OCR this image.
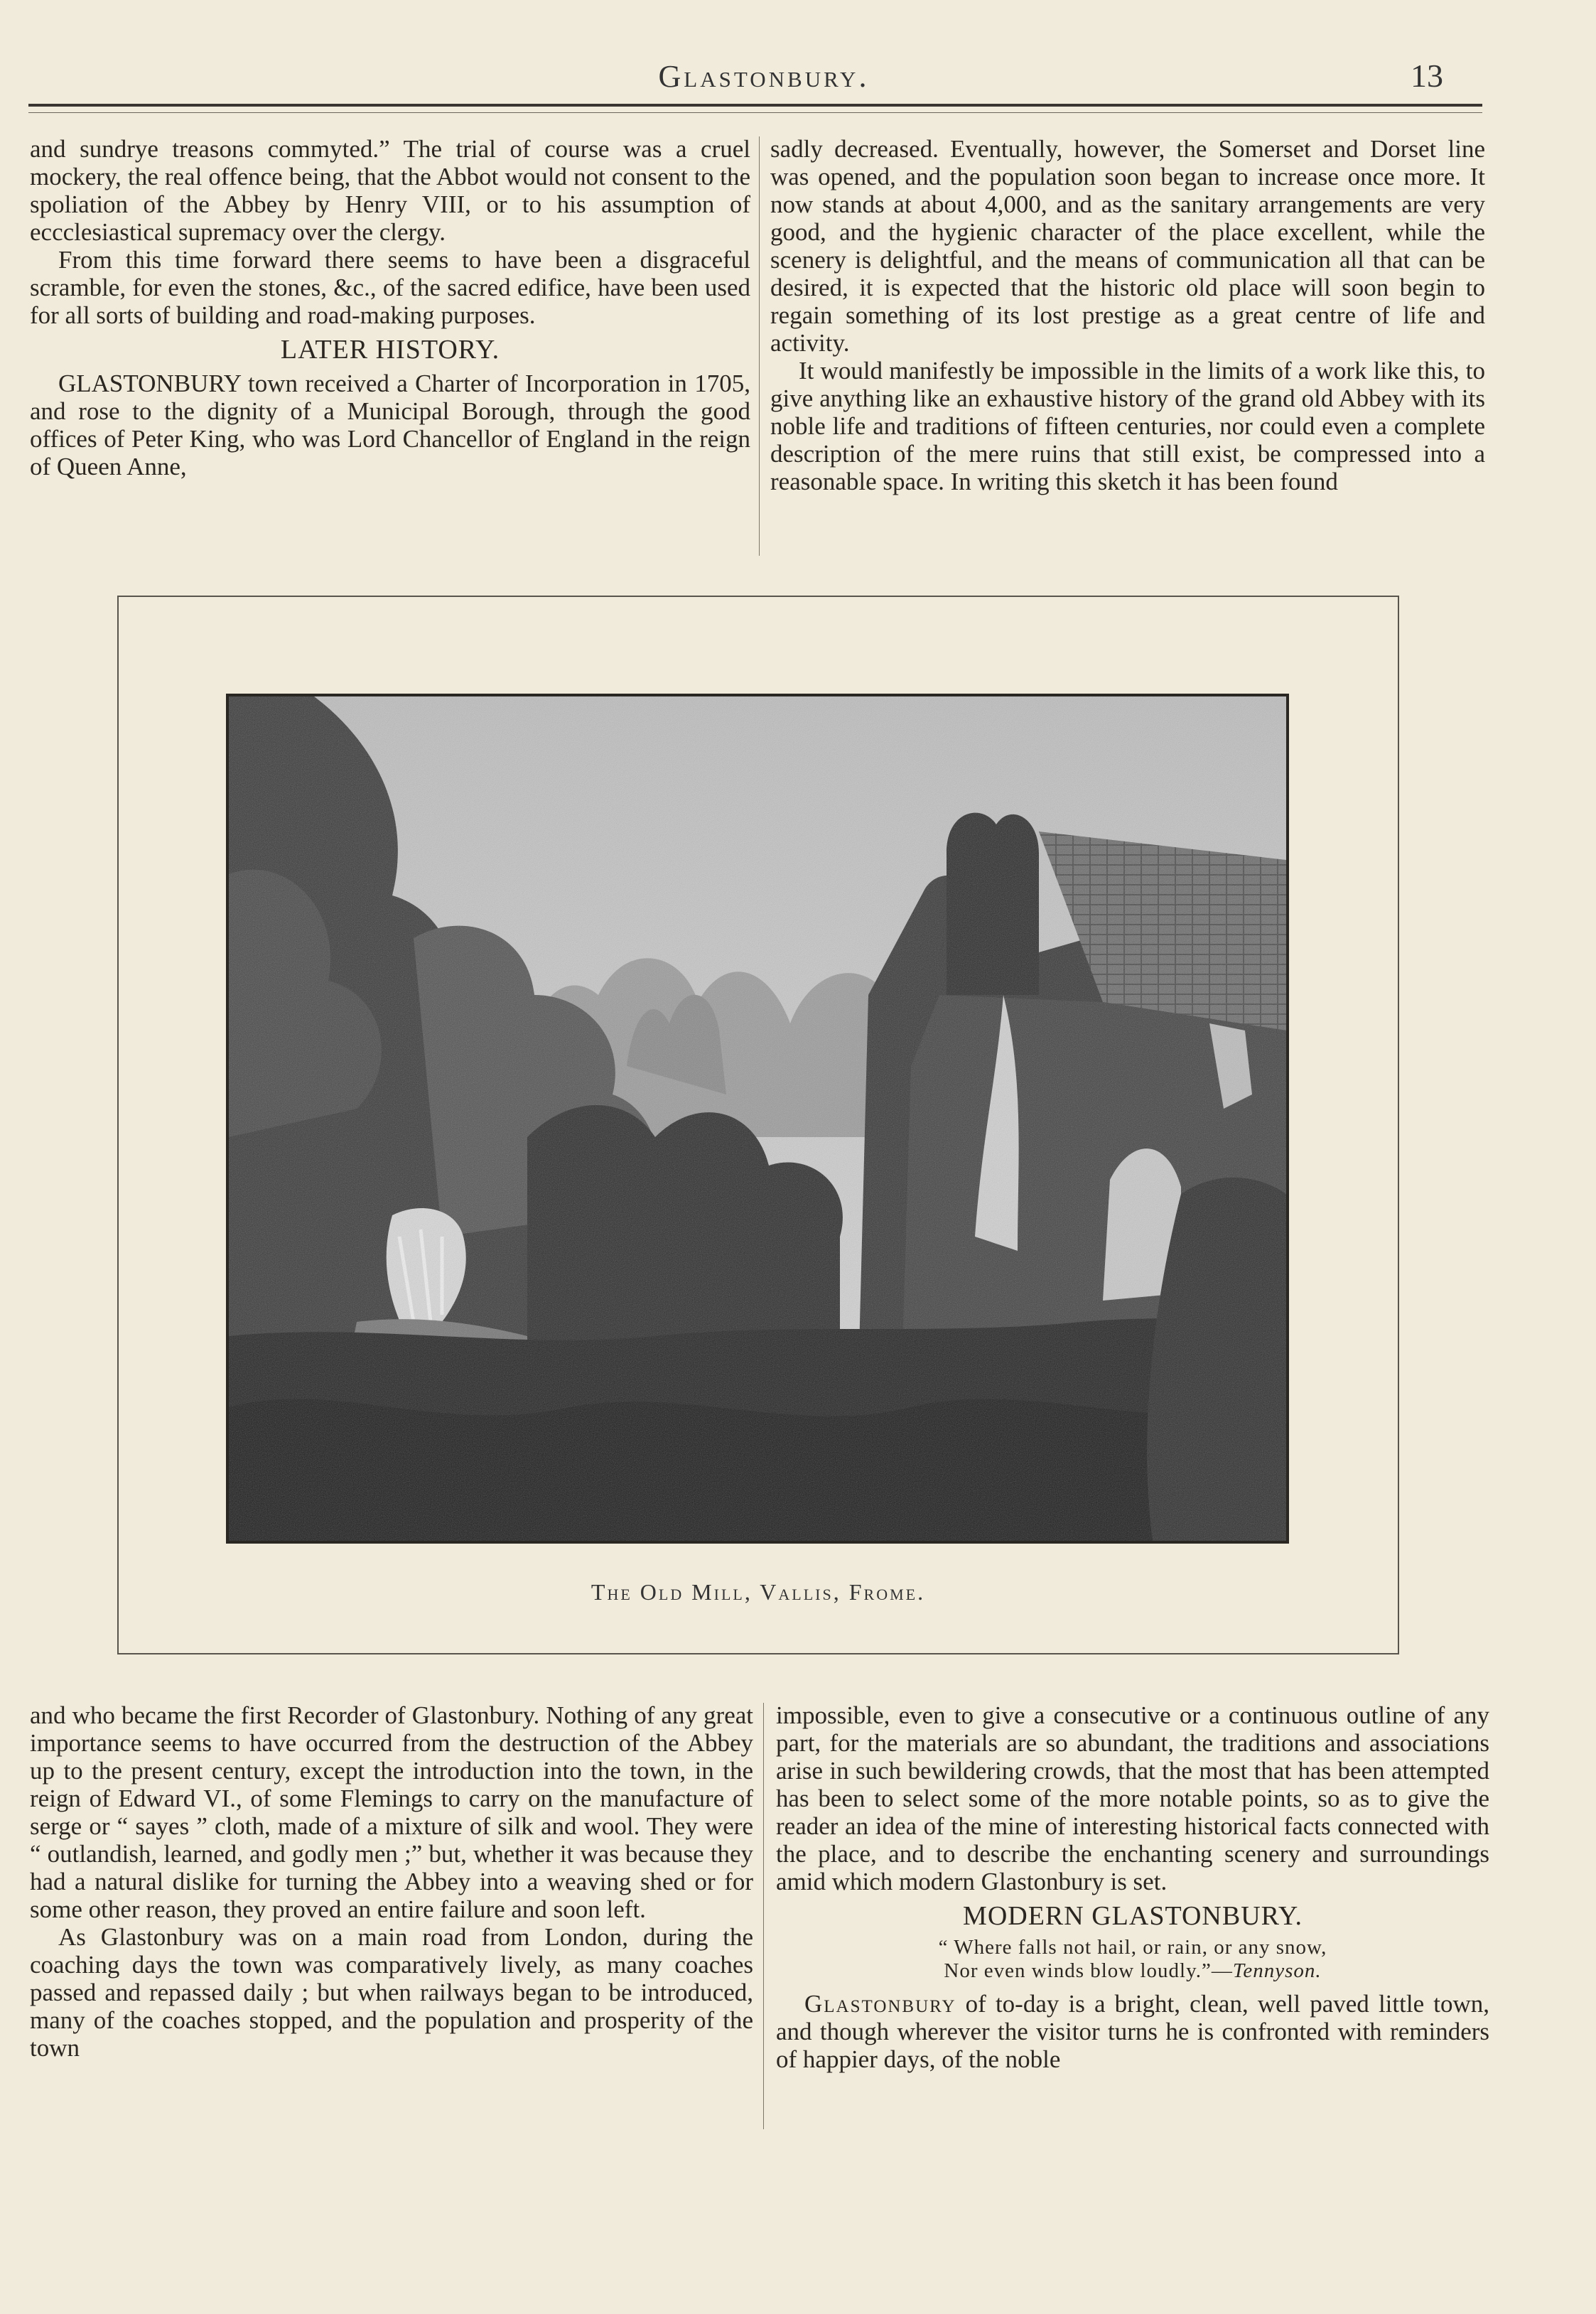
Glastonbury.	13

and sundrye treasons commyted.” The trial of course was a cruel mockery, the real offence being, that the Abbot would not consent to the spoliation of the Abbey by Henry VIII, or to his assumption of eccclesiastical supremacy over the clergy.

From this time forward there seems to have been a disgraceful scramble, for even the stones, &c., of the sacred edifice, have been used for all sorts of building and road-making purposes.

LATER HISTORY.

GLASTONBURY town received a Charter of Incorporation in 1705, and rose to the dignity of a Municipal Borough, through the good offices of Peter King, who was Lord Chancellor of England in the reign of Queen Anne,

sadly decreased. Eventually, however, the Somerset and Dorset line was opened, and the population soon began to increase once more. It now stands at about 4,000, and as the sanitary arrangements are very good, and the hygienic character of the place excellent, while the scenery is delightful, and the means of communication all that can be desired, it is expected that the historic old place will soon begin to regain something of its lost prestige as a great centre of life and activity.

It would manifestly be impossible in the limits of a work like this, to give anything like an exhaustive history of the grand old Abbey with its noble life and traditions of fifteen centuries, nor could even a complete description of the mere ruins that still exist, be compressed into a reasonable space. In writing this sketch it has been found

The Old Mill, Vallis, Frome.

and who became the first Recorder of Glastonbury. Nothing of any great importance seems to have occurred from the destruction of the Abbey up to the present century, except the introduction into the town, in the reign of Edward VI., of some Flemings to carry on the manufacture of serge or “ sayes ” cloth, made of a mixture of silk and wool. They were “ outlandish, learned, and godly men ;” but, whether it was because they had a natural dislike for turning the Abbey into a weaving shed or for some other reason, they proved an entire failure and soon left.

As Glastonbury was on a main road from London, during the coaching days the town was comparatively lively, as many coaches passed and repassed daily ; but when railways began to be introduced, many of the coaches stopped, and the population and prosperity of the town

impossible, even to give a consecutive or a continuous outline of any part, for the materials are so abundant, the traditions and associations arise in such bewildering crowds, that the most that has been attempted has been to select some of the more notable points, so as to give the reader an idea of the mine of interesting historical facts connected with the place, and to describe the enchanting scenery and surroundings amid which modern Glastonbury is set.

MODERN GLASTONBURY.
“ Where falls not hail, or rain, or any snow,
Nor even winds blow loudly.”—Tennyson.

Glastonbury of to-day is a bright, clean, well paved little town, and though wherever the visitor turns he is confronted with reminders of happier days, of the noble
